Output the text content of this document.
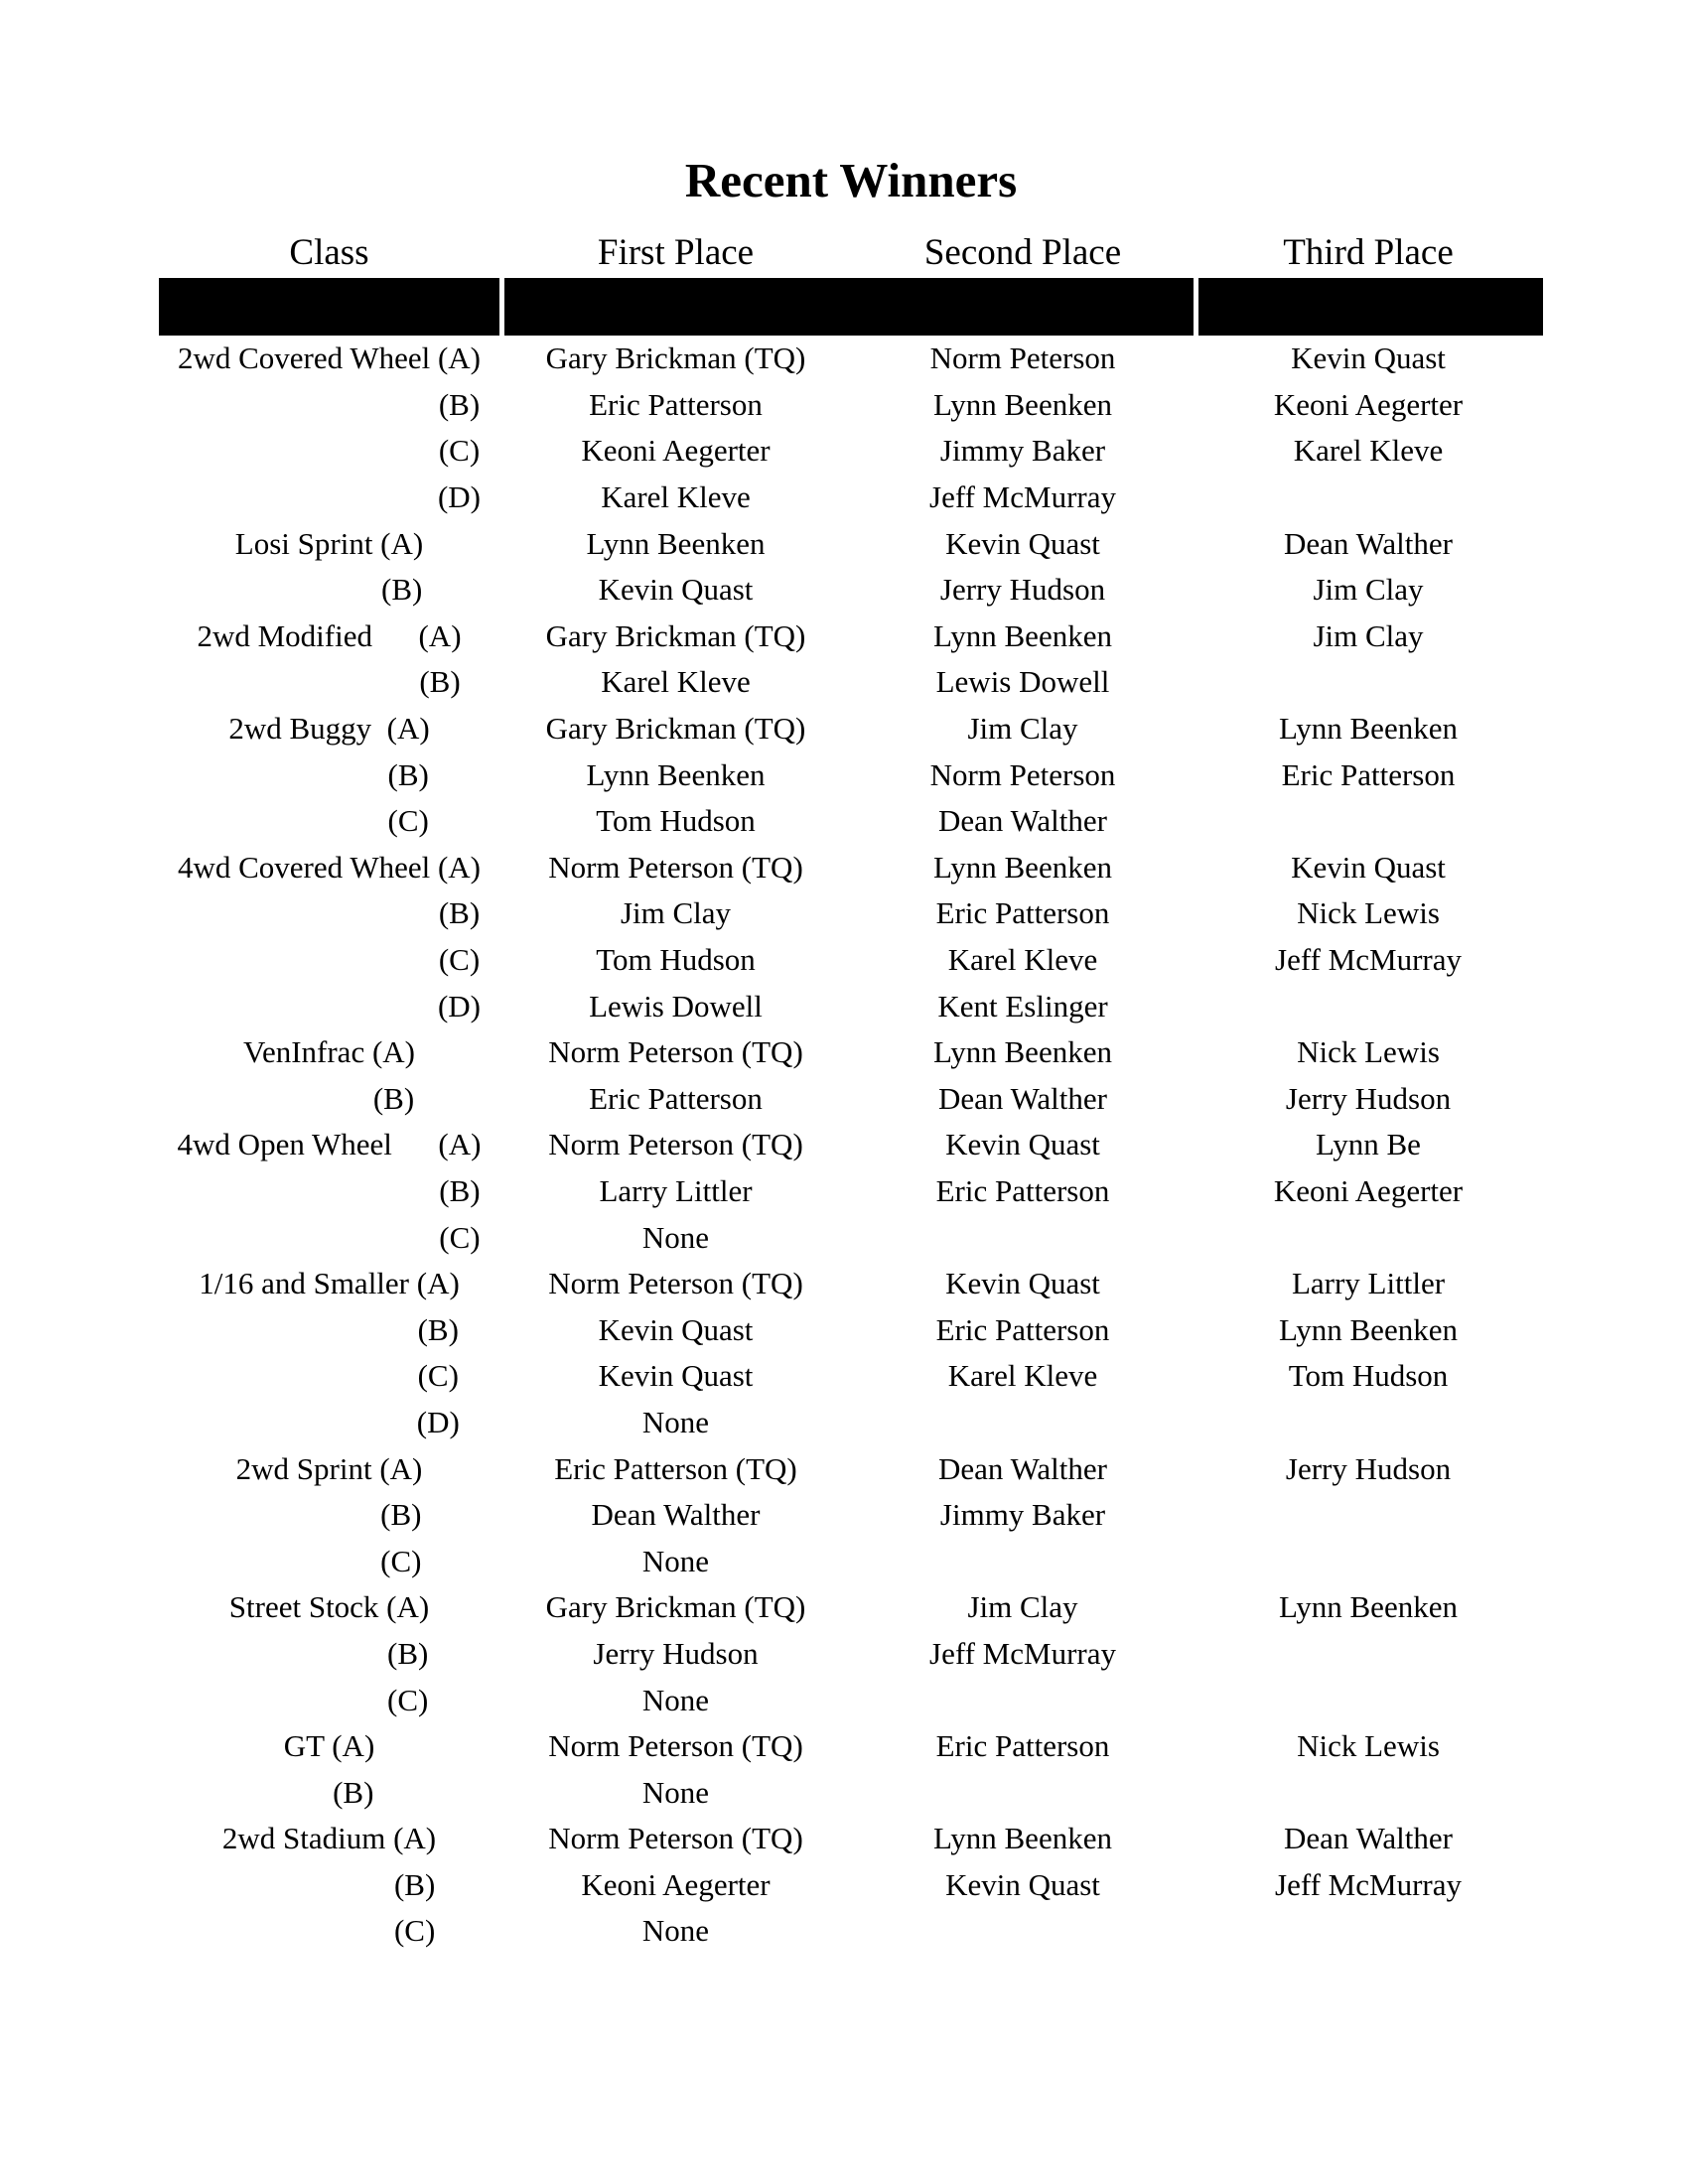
Recent Winners
Class	First Place	Second Place	Third Place
2wd Covered Wheel (A)	Gary Brickman (TQ)	Norm Peterson	Kevin Quast
(B)	Eric Patterson	Lynn Beenken	Keoni Aegerter
(C)	Keoni Aegerter	Jimmy Baker	Karel Kleve
(D)	Karel Kleve	Jeff McMurray
Losi Sprint (A)	Lynn Beenken	Kevin Quast	Dean Walther
(B)	Kevin Quast	Jerry Hudson	Jim Clay
2wd Modified      (A)	Gary Brickman (TQ)	Lynn Beenken	Jim Clay
(B)	Karel Kleve	Lewis Dowell
2wd Buggy  (A)	Gary Brickman (TQ)	Jim Clay	Lynn Beenken
(B)	Lynn Beenken	Norm Peterson	Eric Patterson
(C)	Tom Hudson	Dean Walther
4wd Covered Wheel (A)	Norm Peterson (TQ)	Lynn Beenken	Kevin Quast
(B)	Jim Clay	Eric Patterson	Nick Lewis
(C)	Tom Hudson	Karel Kleve	Jeff McMurray
(D)	Lewis Dowell	Kent Eslinger
VenInfrac (A)	Norm Peterson (TQ)	Lynn Beenken	Nick Lewis
(B)	Eric Patterson	Dean Walther	Jerry Hudson
4wd Open Wheel      (A)	Norm Peterson (TQ)	Kevin Quast	Lynn Be
(B)	Larry Littler	Eric Patterson	Keoni Aegerter
(C)	None
1/16 and Smaller (A)	Norm Peterson (TQ)	Kevin Quast	Larry Littler
(B)	Kevin Quast	Eric Patterson	Lynn Beenken
(C)	Kevin Quast	Karel Kleve	Tom Hudson
(D)	None
2wd Sprint (A)	Eric Patterson (TQ)	Dean Walther	Jerry Hudson
(B)	Dean Walther	Jimmy Baker
(C)	None
Street Stock (A)	Gary Brickman (TQ)	Jim Clay	Lynn Beenken
(B)	Jerry Hudson	Jeff McMurray
(C)	None
GT (A)	Norm Peterson (TQ)	Eric Patterson	Nick Lewis
(B)	None
2wd Stadium (A)	Norm Peterson (TQ)	Lynn Beenken	Dean Walther
(B)	Keoni Aegerter	Kevin Quast	Jeff McMurray
(C)	None
